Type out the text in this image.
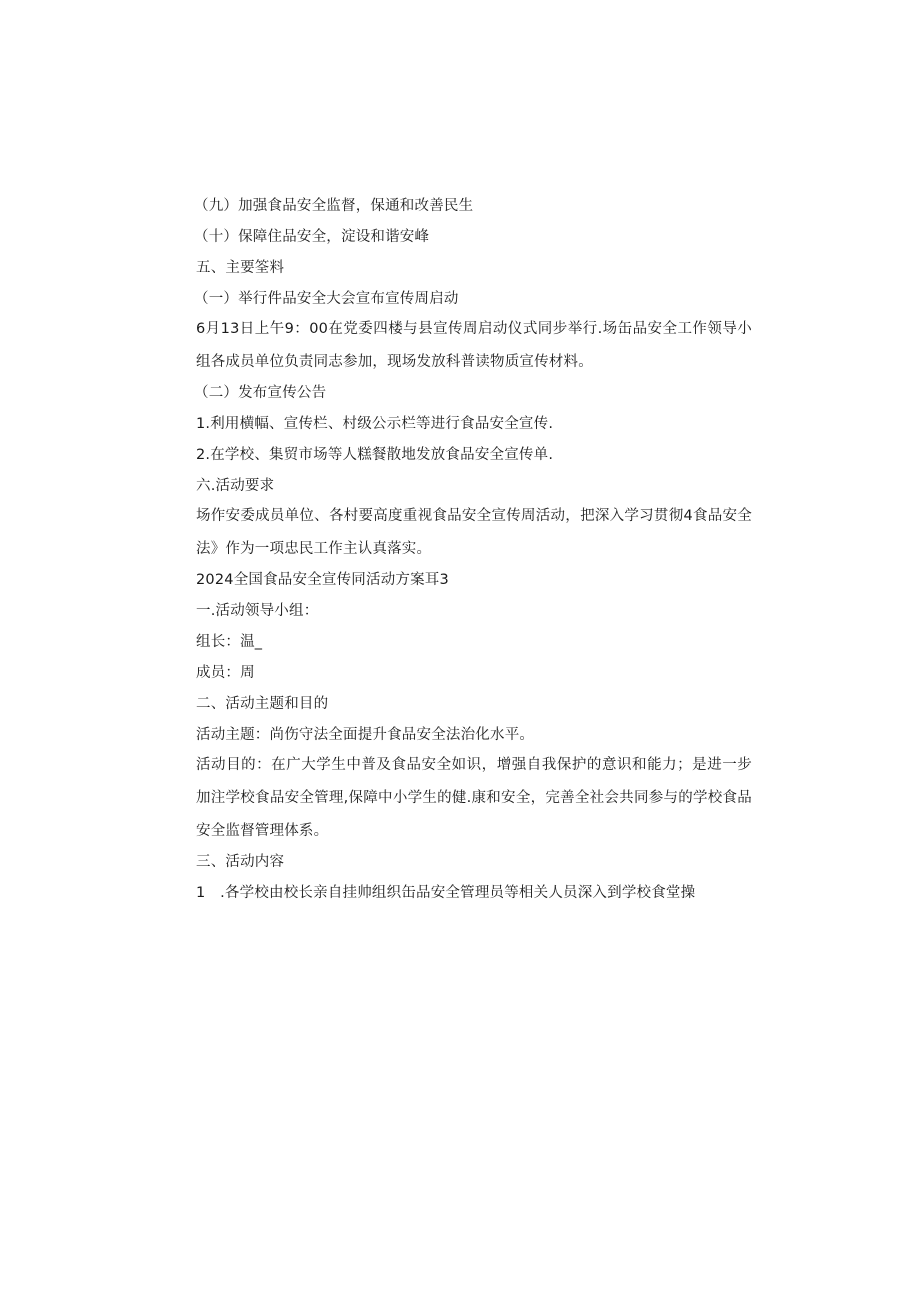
（九）加强食品安全监督，保通和改善民生
（十）保障住品安全，淀设和谐安峰
五、主要筌料
（一）举行件品安全大会宣布宣传周启动
6月13日上午9：00在党委四楼与县宣传周启动仪式同步举行.场缶品安全工作领导小组各成员单位负责同志参加，现场发放科普读物质宣传材料。
（二）发布宣传公告
1.利用横幅、宣传栏、村级公示栏等进行食品安全宣传.
2.在学校、集贸市场等人糕餐散地发放食品安全宣传单.
六.活动要求
场作安委成员单位、各村要高度重视食品安全宣传周活动，把深入学习贯彻4食品安全法》作为一项忠民工作主认真落实。
2024全国食品安全宣传同活动方案耳3
一.活动领导小组：
组长：温_
成员：周
二、活动主题和目的
活动主题：尚伤守法全面提升食品安全法治化水平。
活动目的：在广大学生中普及食品安全如识，增强自我保护的意识和能力；是进一步加注学校食品安全管理,保障中小学生的健.康和安全，完善全社会共同参与的学校食品安全监督管理体系。
三、活动内容
1　.各学校由校长亲自挂帅组织缶品安全管理员等相关人员深入到学校食堂操
